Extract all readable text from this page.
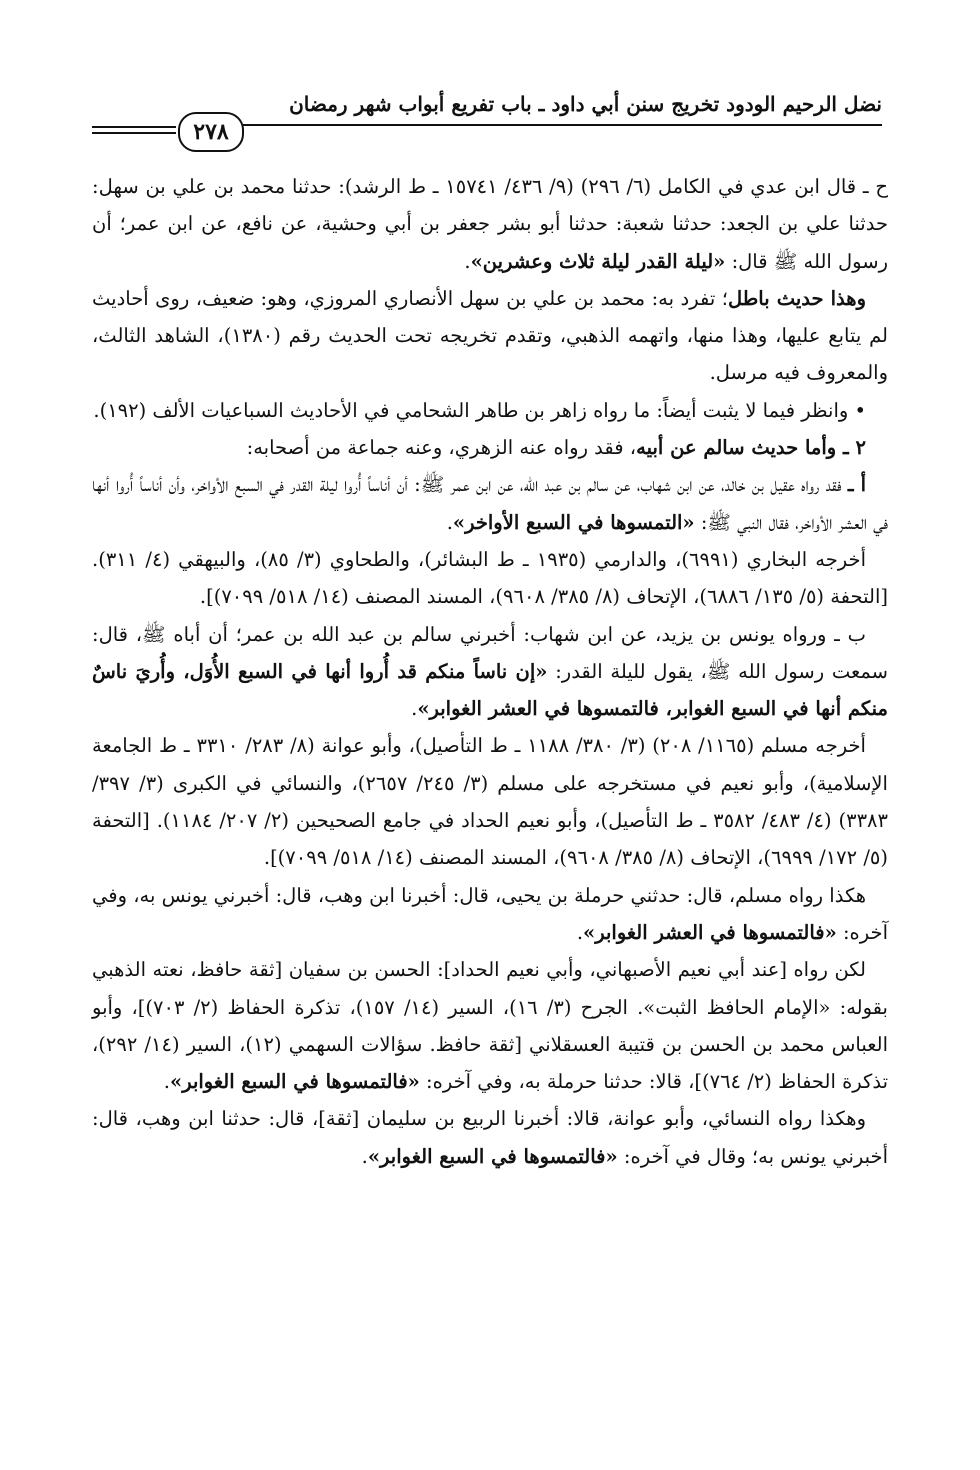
نضل الرحيم الودود تخريج سنن أبي داود ـ باب تفريع أبواب شهر رمضان
٢٧٨

ح ـ قال ابن عدي في الكامل (٦/ ٢٩٦) (٩/ ٤٣٦/ ١٥٧٤١ ـ ط الرشد): حدثنا محمد بن علي بن سهل: حدثنا علي بن الجعد: حدثنا شعبة: حدثنا أبو بشر جعفر بن أبي وحشية، عن نافع، عن ابن عمر؛ أن رسول الله ﷺ قال: «ليلة القدر ليلة ثلاث وعشرين».

وهذا حديث باطل؛ تفرد به: محمد بن علي بن سهل الأنصاري المروزي، وهو: ضعيف، روى أحاديث لم يتابع عليها، وهذا منها، واتهمه الذهبي، وتقدم تخريجه تحت الحديث رقم (١٣٨٠)، الشاهد الثالث، والمعروف فيه مرسل.

• وانظر فيما لا يثبت أيضاً: ما رواه زاهر بن طاهر الشحامي في الأحاديث السباعيات الألف (١٩٢).

٢ ـ وأما حديث سالم عن أبيه، فقد رواه عنه الزهري، وعنه جماعة من أصحابه:

أ ـ فقد رواه عقيل بن خالد، عن ابن شهاب، عن سالم بن عبد الله، عن ابن عمر ﷺ: أن أناساً أُروا ليلة القدر في السبع الأواخر، وأن أناساً أُروا أنها في العشر الأواخر، فقال النبي ﷺ: «التمسوها في السبع الأواخر».

أخرجه البخاري (٦٩٩١)، والدارمي (١٩٣٥ ـ ط البشائر)، والطحاوي (٣/ ٨٥)، والبيهقي (٤/ ٣١١). [التحفة (٥/ ١٣٥/ ٦٨٨٦)، الإتحاف (٨/ ٣٨٥/ ٩٦٠٨)، المسند المصنف (١٤/ ٥١٨/ ٧٠٩٩)].

ب ـ ورواه يونس بن يزيد، عن ابن شهاب: أخبرني سالم بن عبد الله بن عمر؛ أن أباه ﷺ، قال: سمعت رسول الله ﷺ، يقول لليلة القدر: «إن ناساً منكم قد أُروا أنها في السبع الأُوَل، وأُريَ ناسٌ منكم أنها في السبع الغوابر، فالتمسوها في العشر الغوابر».

أخرجه مسلم (١١٦٥/ ٢٠٨) (٣/ ٣٨٠/ ١١٨٨ ـ ط التأصيل)، وأبو عوانة (٨/ ٢٨٣/ ٣٣١٠ ـ ط الجامعة الإسلامية)، وأبو نعيم في مستخرجه على مسلم (٣/ ٢٤٥/ ٢٦٥٧)، والنسائي في الكبرى (٣/ ٣٩٧/ ٣٣٨٣) (٤/ ٤٨٣/ ٣٥٨٢ ـ ط التأصيل)، وأبو نعيم الحداد في جامع الصحيحين (٢/ ٢٠٧/ ١١٨٤). [التحفة (٥/ ١٧٢/ ٦٩٩٩)، الإتحاف (٨/ ٣٨٥/ ٩٦٠٨)، المسند المصنف (١٤/ ٥١٨/ ٧٠٩٩)].

هكذا رواه مسلم، قال: حدثني حرملة بن يحيى، قال: أخبرنا ابن وهب، قال: أخبرني يونس به، وفي آخره: «فالتمسوها في العشر الغوابر».

لكن رواه [عند أبي نعيم الأصبهاني، وأبي نعيم الحداد]: الحسن بن سفيان [ثقة حافظ، نعته الذهبي بقوله: «الإمام الحافظ الثبت». الجرح (٣/ ١٦)، السير (١٤/ ١٥٧)، تذكرة الحفاظ (٢/ ٧٠٣)]، وأبو العباس محمد بن الحسن بن قتيبة العسقلاني [ثقة حافظ. سؤالات السهمي (١٢)، السير (١٤/ ٢٩٢)، تذكرة الحفاظ (٢/ ٧٦٤)]، قالا: حدثنا حرملة به، وفي آخره: «فالتمسوها في السبع الغوابر».

وهكذا رواه النسائي، وأبو عوانة، قالا: أخبرنا الربيع بن سليمان [ثقة]، قال: حدثنا ابن وهب، قال: أخبرني يونس به؛ وقال في آخره: «فالتمسوها في السبع الغوابر».
